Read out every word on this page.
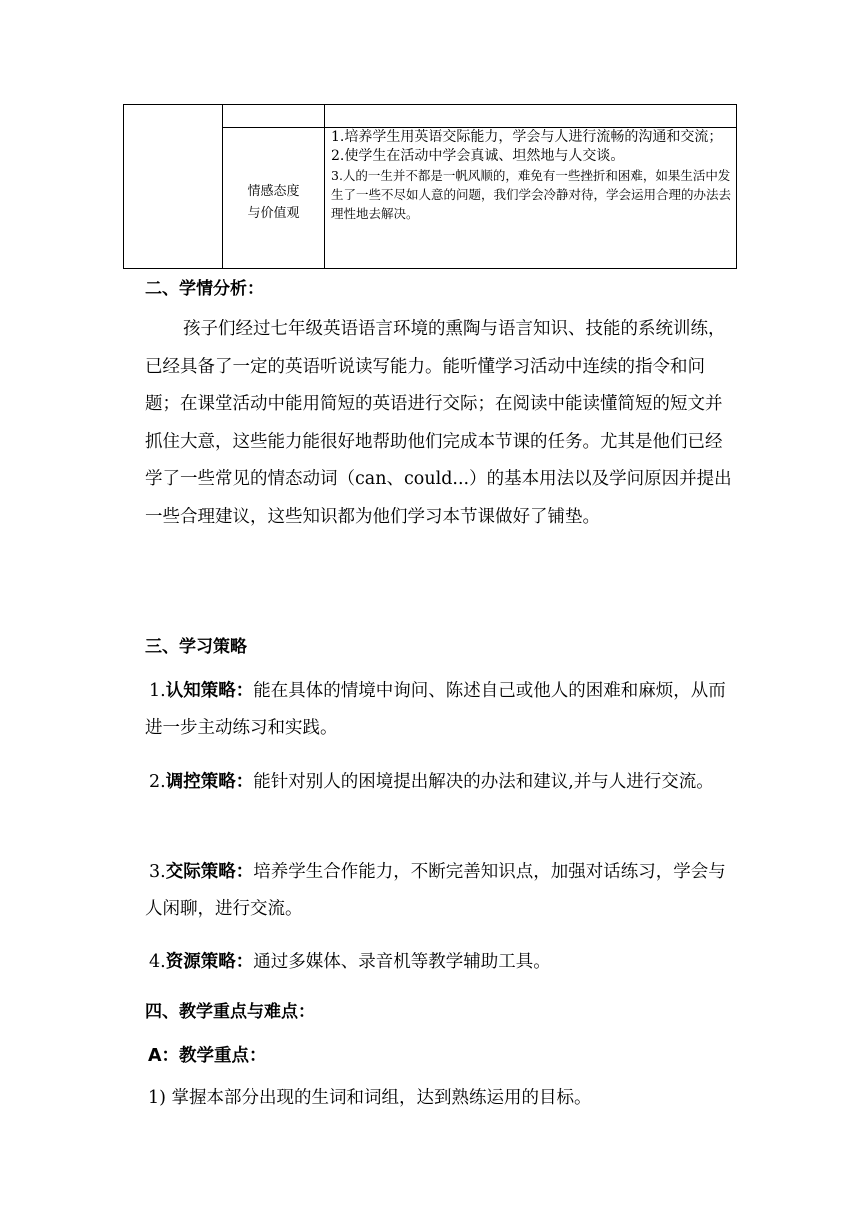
	情感态度
与价值观	1.培养学生用英语交际能力，学会与人进行流畅的沟通和交流；
2.使学生在活动中学会真诚、坦然地与人交谈。
3.人的一生并不都是一帆风顺的，难免有一些挫折和困难，如果生活中发生了一些不尽如人意的问题，我们学会冷静对待，学会运用合理的办法去理性地去解决。
二、学情分析：
孩子们经过七年级英语语言环境的熏陶与语言知识、技能的系统训练，已经具备了一定的英语听说读写能力。能听懂学习活动中连续的指令和问题；在课堂活动中能用简短的英语进行交际；在阅读中能读懂简短的短文并抓住大意，这些能力能很好地帮助他们完成本节课的任务。尤其是他们已经学了一些常见的情态动词（can、could...）的基本用法以及学问原因并提出一些合理建议，这些知识都为他们学习本节课做好了铺垫。
三、学习策略
1.认知策略：能在具体的情境中询问、陈述自己或他人的困难和麻烦，从而进一步主动练习和实践。
2.调控策略：能针对别人的困境提出解决的办法和建议,并与人进行交流。
3.交际策略：培养学生合作能力，不断完善知识点，加强对话练习，学会与人闲聊，进行交流。
4.资源策略：通过多媒体、录音机等教学辅助工具。
四、教学重点与难点：
A：教学重点：
1) 掌握本部分出现的生词和词组，达到熟练运用的目标。
